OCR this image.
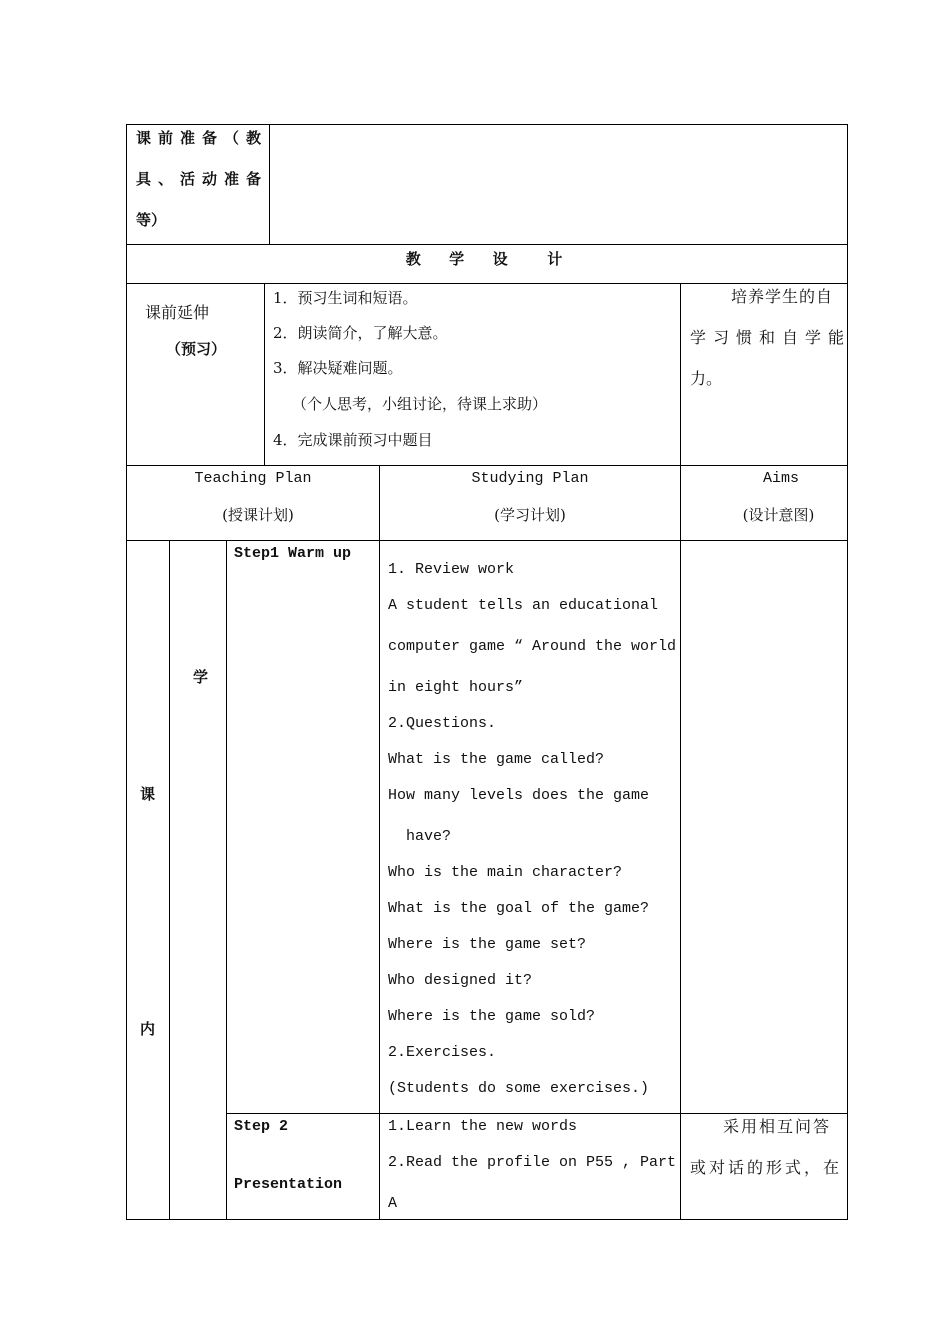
课前准备（教
具、活动准备
等）
教  学  设   计
课前延伸
（预习）
1．预习生词和短语。
2．朗读简介，了解大意。
3．解决疑难问题。
（个人思考，小组讨论，待课上求助）
4．完成课前预习中题目
培养学生的自
学习惯和自学能
力。
Teaching Plan
(授课计划)
Studying Plan
(学习计划)
Aims
(设计意图)
课
内
学
Step1 Warm up
1. Review work
A student tells an educational
computer game “ Around the world
in eight hours”
2.Questions.
What is the game called?
How many levels does the game
have?
Who is the main character?
What is the goal of the game?
Where is the game set?
Who designed it?
Where is the game sold?
2.Exercises.
(Students do some exercises.)
Step 2
Presentation
1.Learn the new words
2.Read the profile on P55 , Part
A
采用相互问答
或对话的形式，在
